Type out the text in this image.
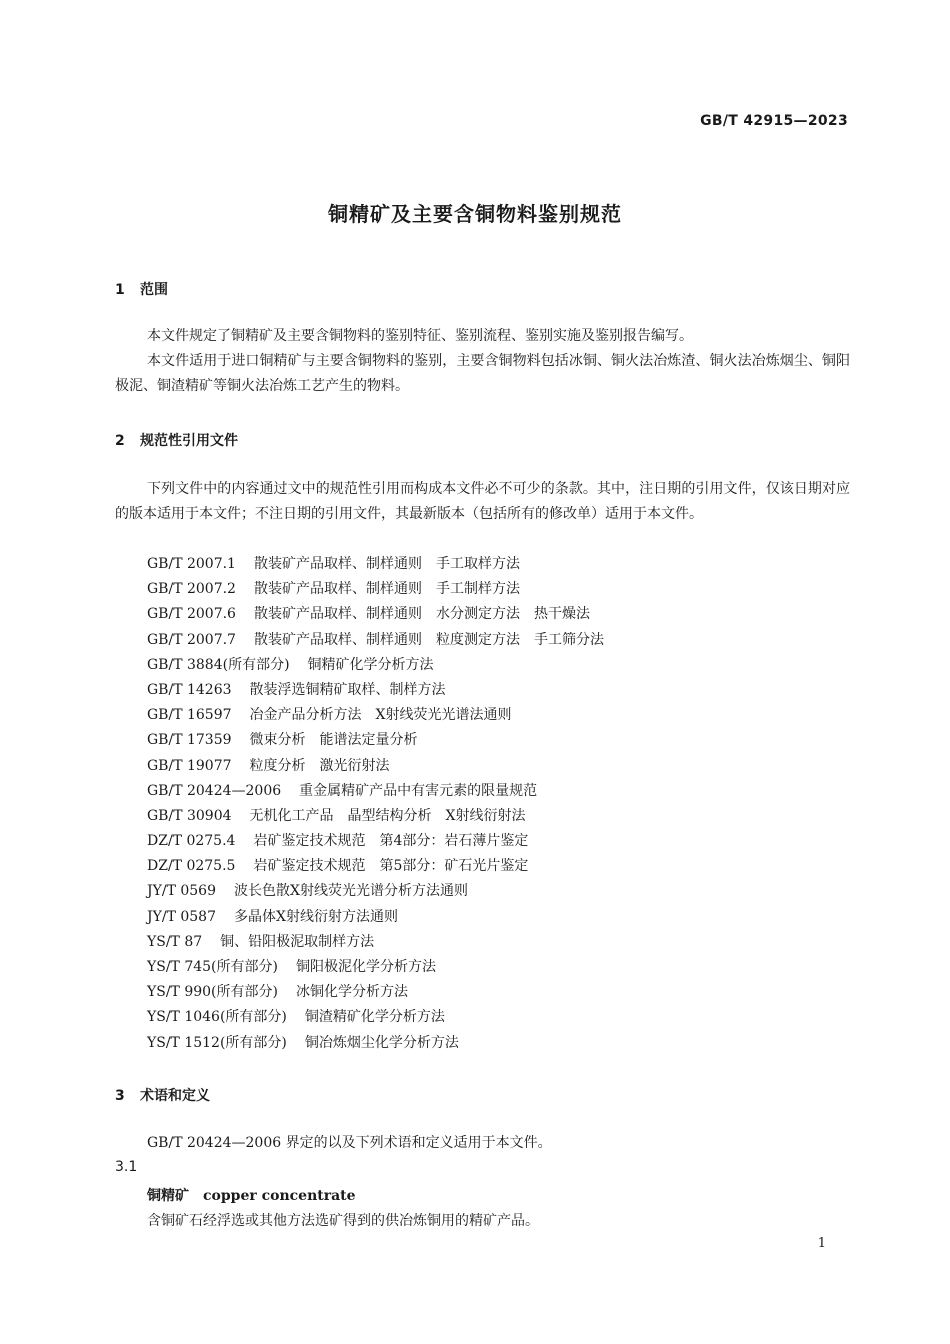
GB/T 42915—2023
铜精矿及主要含铜物料鉴别规范
1 范围
本文件规定了铜精矿及主要含铜物料的鉴别特征、鉴别流程、鉴别实施及鉴别报告编写。
本文件适用于进口铜精矿与主要含铜物料的鉴别，主要含铜物料包括冰铜、铜火法冶炼渣、铜火法冶炼烟尘、铜阳极泥、铜渣精矿等铜火法冶炼工艺产生的物料。
2 规范性引用文件
下列文件中的内容通过文中的规范性引用而构成本文件必不可少的条款。其中，注日期的引用文件，仅该日期对应的版本适用于本文件；不注日期的引用文件，其最新版本（包括所有的修改单）适用于本文件。
GB/T 2007.1 散装矿产品取样、制样通则　手工取样方法
GB/T 2007.2 散装矿产品取样、制样通则　手工制样方法
GB/T 2007.6 散装矿产品取样、制样通则　水分测定方法　热干燥法
GB/T 2007.7 散装矿产品取样、制样通则　粒度测定方法　手工筛分法
GB/T 3884(所有部分) 铜精矿化学分析方法
GB/T 14263 散装浮选铜精矿取样、制样方法
GB/T 16597 冶金产品分析方法　X射线荧光光谱法通则
GB/T 17359 微束分析　能谱法定量分析
GB/T 19077 粒度分析　激光衍射法
GB/T 20424—2006 重金属精矿产品中有害元素的限量规范
GB/T 30904 无机化工产品　晶型结构分析　X射线衍射法
DZ/T 0275.4 岩矿鉴定技术规范　第4部分：岩石薄片鉴定
DZ/T 0275.5 岩矿鉴定技术规范　第5部分：矿石光片鉴定
JY/T 0569 波长色散X射线荧光光谱分析方法通则
JY/T 0587 多晶体X射线衍射方法通则
YS/T 87 铜、铅阳极泥取制样方法
YS/T 745(所有部分) 铜阳极泥化学分析方法
YS/T 990(所有部分) 冰铜化学分析方法
YS/T 1046(所有部分) 铜渣精矿化学分析方法
YS/T 1512(所有部分) 铜冶炼烟尘化学分析方法
3 术语和定义
GB/T 20424—2006 界定的以及下列术语和定义适用于本文件。
3.1
铜精矿 copper concentrate
含铜矿石经浮选或其他方法选矿得到的供冶炼铜用的精矿产品。
1
